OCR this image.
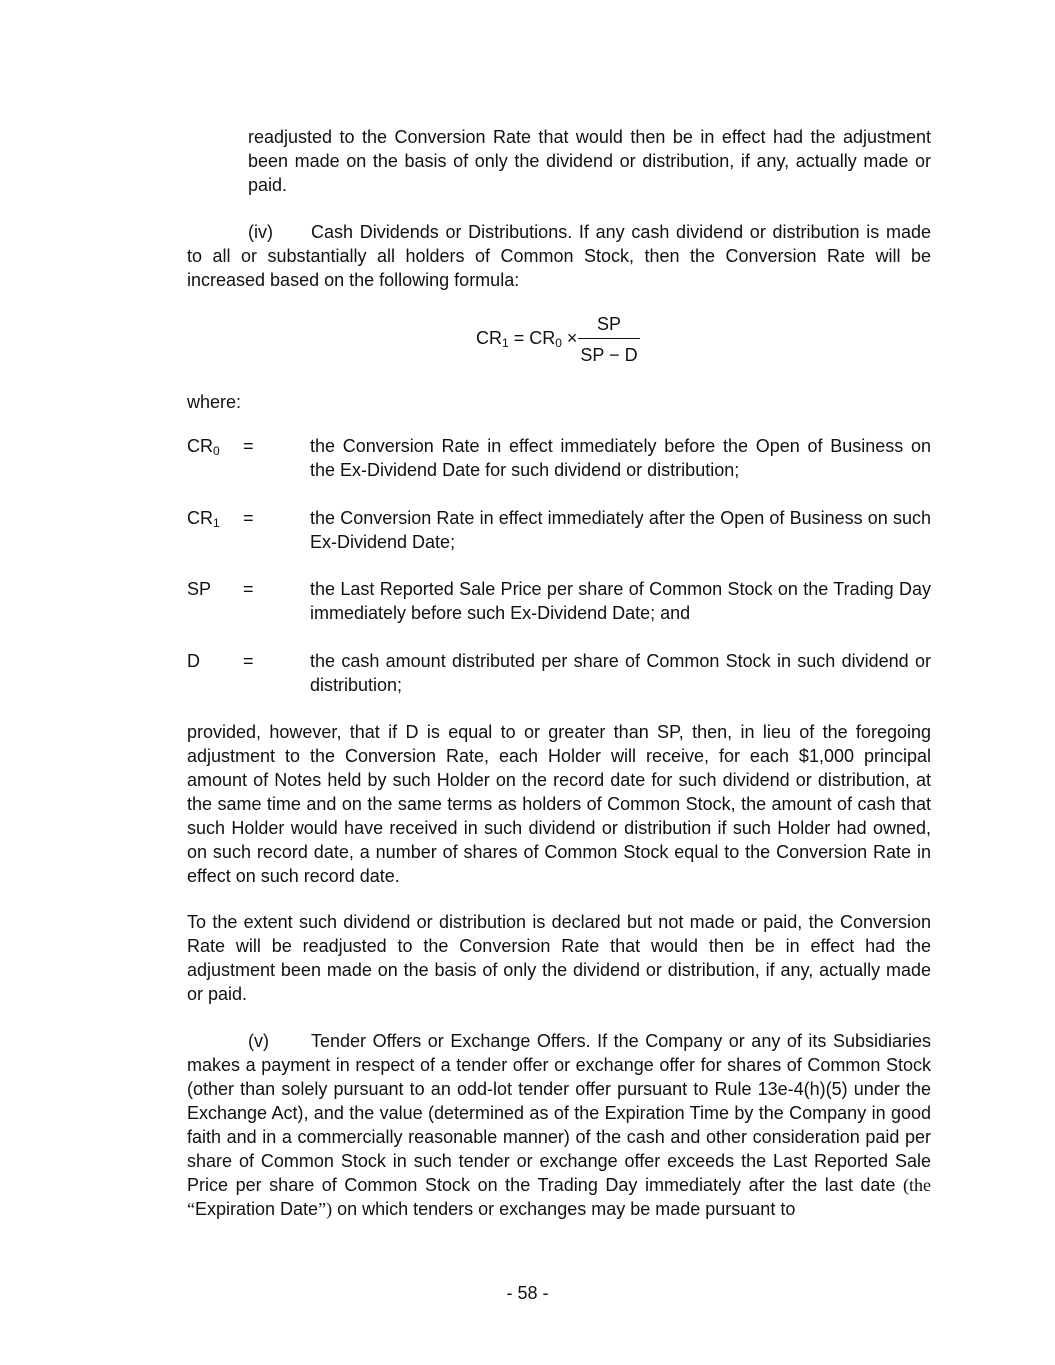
readjusted to the Conversion Rate that would then be in effect had the adjustment been made on the basis of only the dividend or distribution, if any, actually made or paid.

(iv) Cash Dividends or Distributions. If any cash dividend or distribution is made to all or substantially all holders of Common Stock, then the Conversion Rate will be increased based on the following formula:

$CR_1 = CR_0$ ×
SP
SP − D

where:

$CR_0$ =	the Conversion Rate in effect immediately before the Open of Business on the Ex-Dividend Date for such dividend or distribution;
$CR_1$ =	the Conversion Rate in effect immediately after the Open of Business on such Ex-Dividend Date;
SP =	the Last Reported Sale Price per share of Common Stock on the Trading Day immediately before such Ex-Dividend Date; and
D =	the cash amount distributed per share of Common Stock in such dividend or distribution;

provided, however, that if D is equal to or greater than SP, then, in lieu of the foregoing adjustment to the Conversion Rate, each Holder will receive, for each $1,000 principal amount of Notes held by such Holder on the record date for such dividend or distribution, at the same time and on the same terms as holders of Common Stock, the amount of cash that such Holder would have received in such dividend or distribution if such Holder had owned, on such record date, a number of shares of Common Stock equal to the Conversion Rate in effect on such record date.

To the extent such dividend or distribution is declared but not made or paid, the Conversion Rate will be readjusted to the Conversion Rate that would then be in effect had the adjustment been made on the basis of only the dividend or distribution, if any, actually made or paid.

(v) Tender Offers or Exchange Offers. If the Company or any of its Subsidiaries makes a payment in respect of a tender offer or exchange offer for shares of Common Stock (other than solely pursuant to an odd-lot tender offer pursuant to Rule 13e-4(h)(5) under the Exchange Act), and the value (determined as of the Expiration Time by the Company in good faith and in a commercially reasonable manner) of the cash and other consideration paid per share of Common Stock in such tender or exchange offer exceeds the Last Reported Sale Price per share of Common Stock on the Trading Day immediately after the last date (the “Expiration Date”) on which tenders or exchanges may be made pursuant to

- 58 -
